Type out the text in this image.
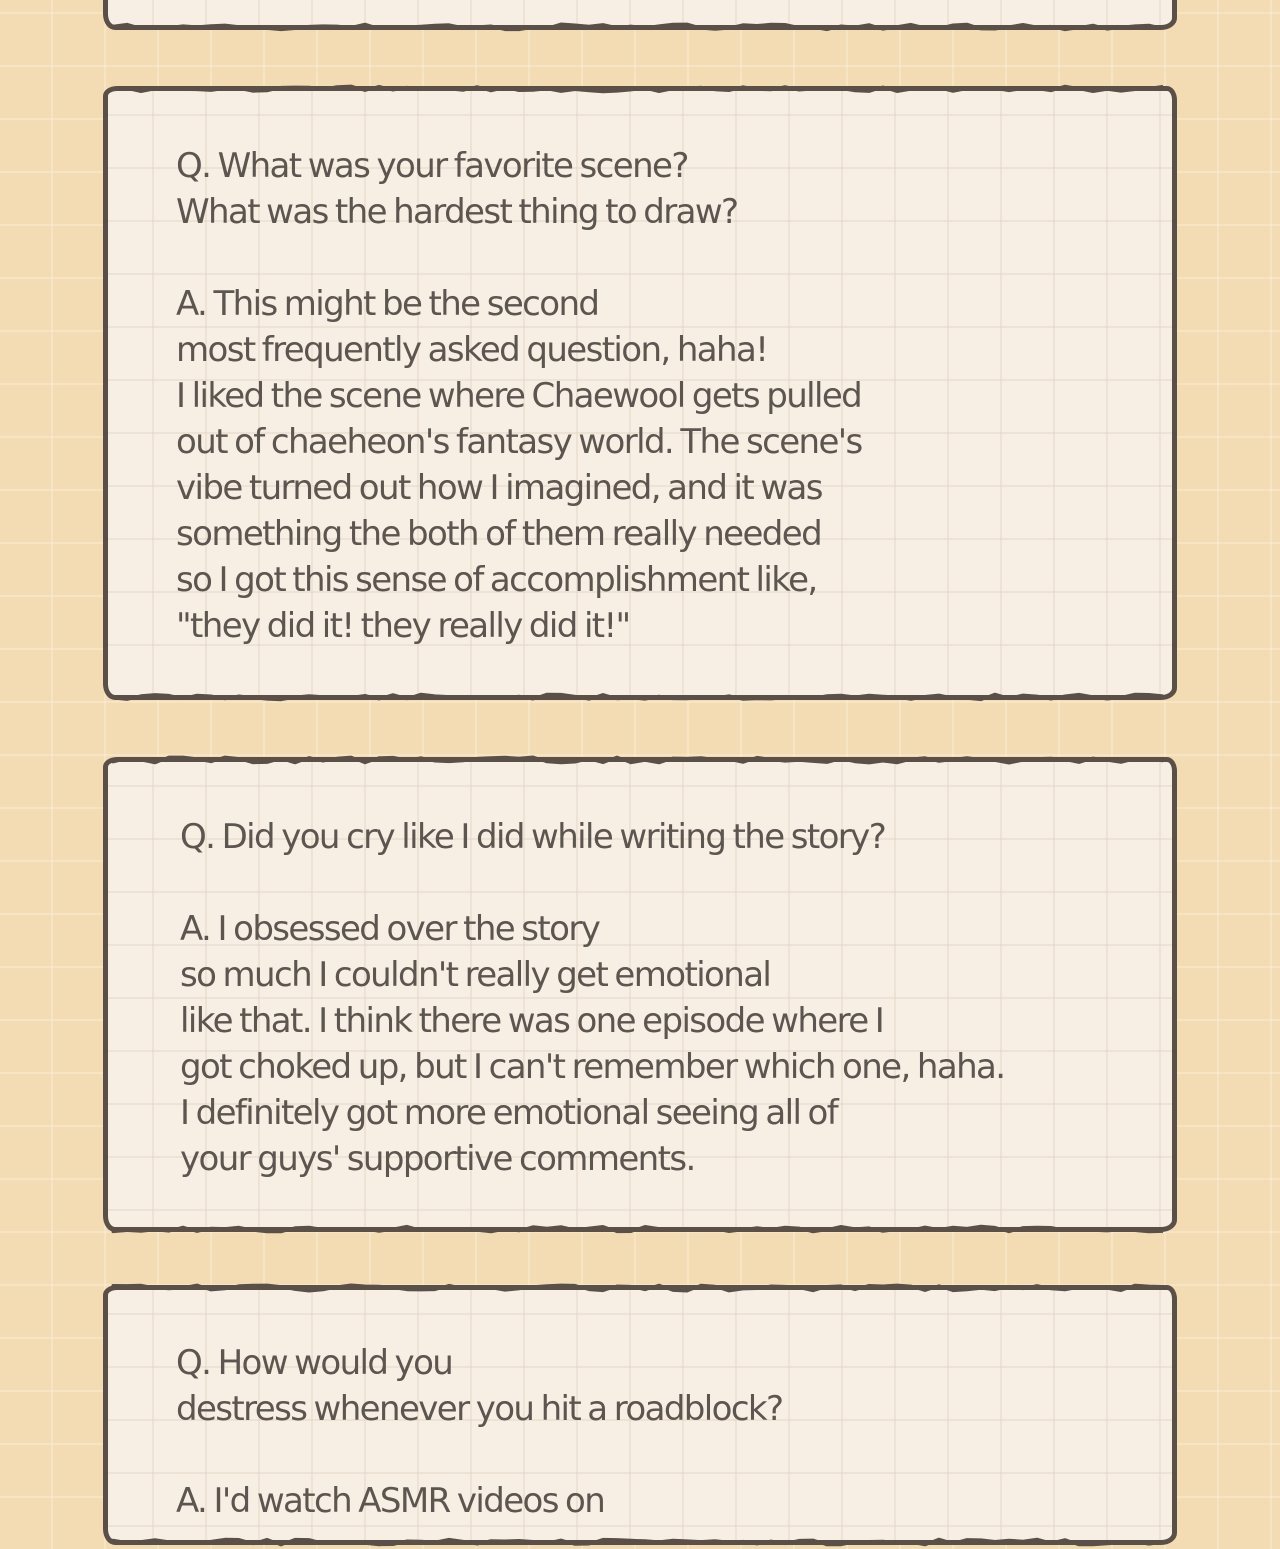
Q. What was your favorite scene?
What was the hardest thing to draw?

A. This might be the second
most frequently asked question, haha!
I liked the scene where Chaewool gets pulled
out of chaeheon's fantasy world. The scene's
vibe turned out how I imagined, and it was
something the both of them really needed
so I got this sense of accomplishment like,
"they did it! they really did it!"
Q. Did you cry like I did while writing the story?

A. I obsessed over the story
so much I couldn't really get emotional
like that. I think there was one episode where I
got choked up, but I can't remember which one, haha.
I definitely got more emotional seeing all of
your guys' supportive comments.
Q. How would you
destress whenever you hit a roadblock?

A. I'd watch ASMR videos on
